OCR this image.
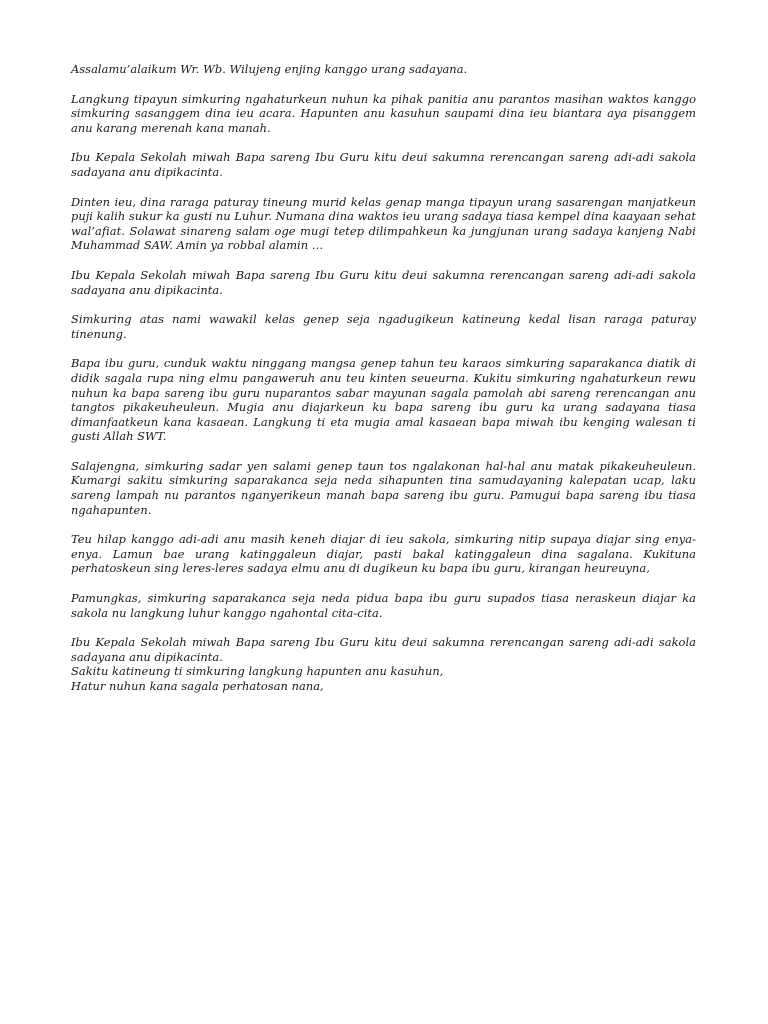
Assalamu’alaikum Wr. Wb. Wilujeng enjing kanggo urang sadayana.

Langkung tipayun simkuring ngahaturkeun nuhun ka pihak panitia anu parantos masihan waktos kanggo simkuring sasanggem dina ieu acara. Hapunten anu kasuhun saupami dina ieu biantara aya pisanggem anu karang merenah kana manah.

Ibu Kepala Sekolah miwah Bapa sareng Ibu Guru kitu deui sakumna rerencangan sareng adi-adi sakola sadayana anu dipikacinta.

Dinten ieu, dina raraga paturay tineung murid kelas genap manga tipayun urang sasarengan manjatkeun puji kalih sukur ka gusti nu Luhur. Numana dina waktos ieu urang sadaya tiasa kempel dina kaayaan sehat wal’afiat. Solawat sinareng salam oge mugi tetep dilimpahkeun ka jungjunan urang sadaya kanjeng Nabi Muhammad SAW. Amin ya robbal alamin …

Ibu Kepala Sekolah miwah Bapa sareng Ibu Guru kitu deui sakumna rerencangan sareng adi-adi sakola sadayana anu dipikacinta.

Simkuring atas nami wawakil kelas genep seja ngadugikeun katineung kedal lisan raraga paturay tinenung.

Bapa ibu guru, cunduk waktu ninggang mangsa genep tahun teu karaos simkuring saparakanca diatik di didik sagala rupa ning elmu pangaweruh anu teu kinten seueurna. Kukitu simkuring ngahaturkeun rewu nuhun ka bapa sareng ibu guru nuparantos sabar mayunan sagala pamolah abi sareng rerencangan anu tangtos pikakeuheuleun. Mugia anu diajarkeun ku bapa sareng ibu guru ka urang sadayana tiasa dimanfaatkeun kana kasaean. Langkung ti eta mugia amal kasaean bapa miwah ibu kenging walesan ti gusti Allah SWT.

Salajengna, simkuring sadar yen salami genep taun tos ngalakonan hal-hal anu matak pikakeuheuleun. Kumargi sakitu simkuring saparakanca seja neda sihapunten tina samudayaning kalepatan ucap, laku sareng lampah nu parantos nganyerikeun manah bapa sareng ibu guru. Pamugui bapa sareng ibu tiasa ngahapunten.

Teu hilap kanggo adi-adi anu masih keneh diajar di ieu sakola, simkuring nitip supaya diajar sing enya-enya. Lamun bae urang katinggaleun diajar, pasti bakal katinggaleun dina sagalana. Kukituna perhatoskeun sing leres-leres sadaya elmu anu di dugikeun ku bapa ibu guru, kirangan heureuyna,

Pamungkas, simkuring saparakanca seja neda pidua bapa ibu guru supados tiasa neraskeun diajar ka sakola nu langkung luhur kanggo ngahontal cita-cita.

Ibu Kepala Sekolah miwah Bapa sareng Ibu Guru kitu deui sakumna rerencangan sareng adi-adi sakola sadayana anu dipikacinta.
Sakitu katineung ti simkuring langkung hapunten anu kasuhun,
Hatur nuhun kana sagala perhatosan nana,
